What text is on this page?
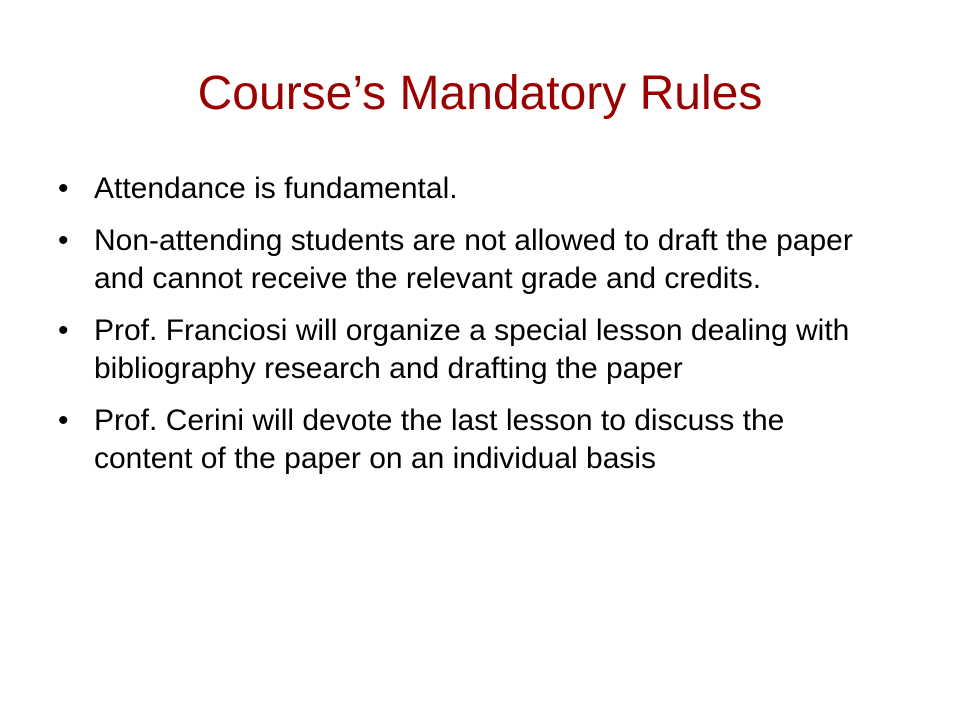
Course’s Mandatory Rules
• Attendance is fundamental.
• Non-attending students are not allowed to draft the paper and cannot receive the relevant grade and credits.
• Prof. Franciosi will organize a special lesson dealing with bibliography research and drafting the paper
• Prof. Cerini will devote the last lesson to discuss the content of the paper on an individual basis
